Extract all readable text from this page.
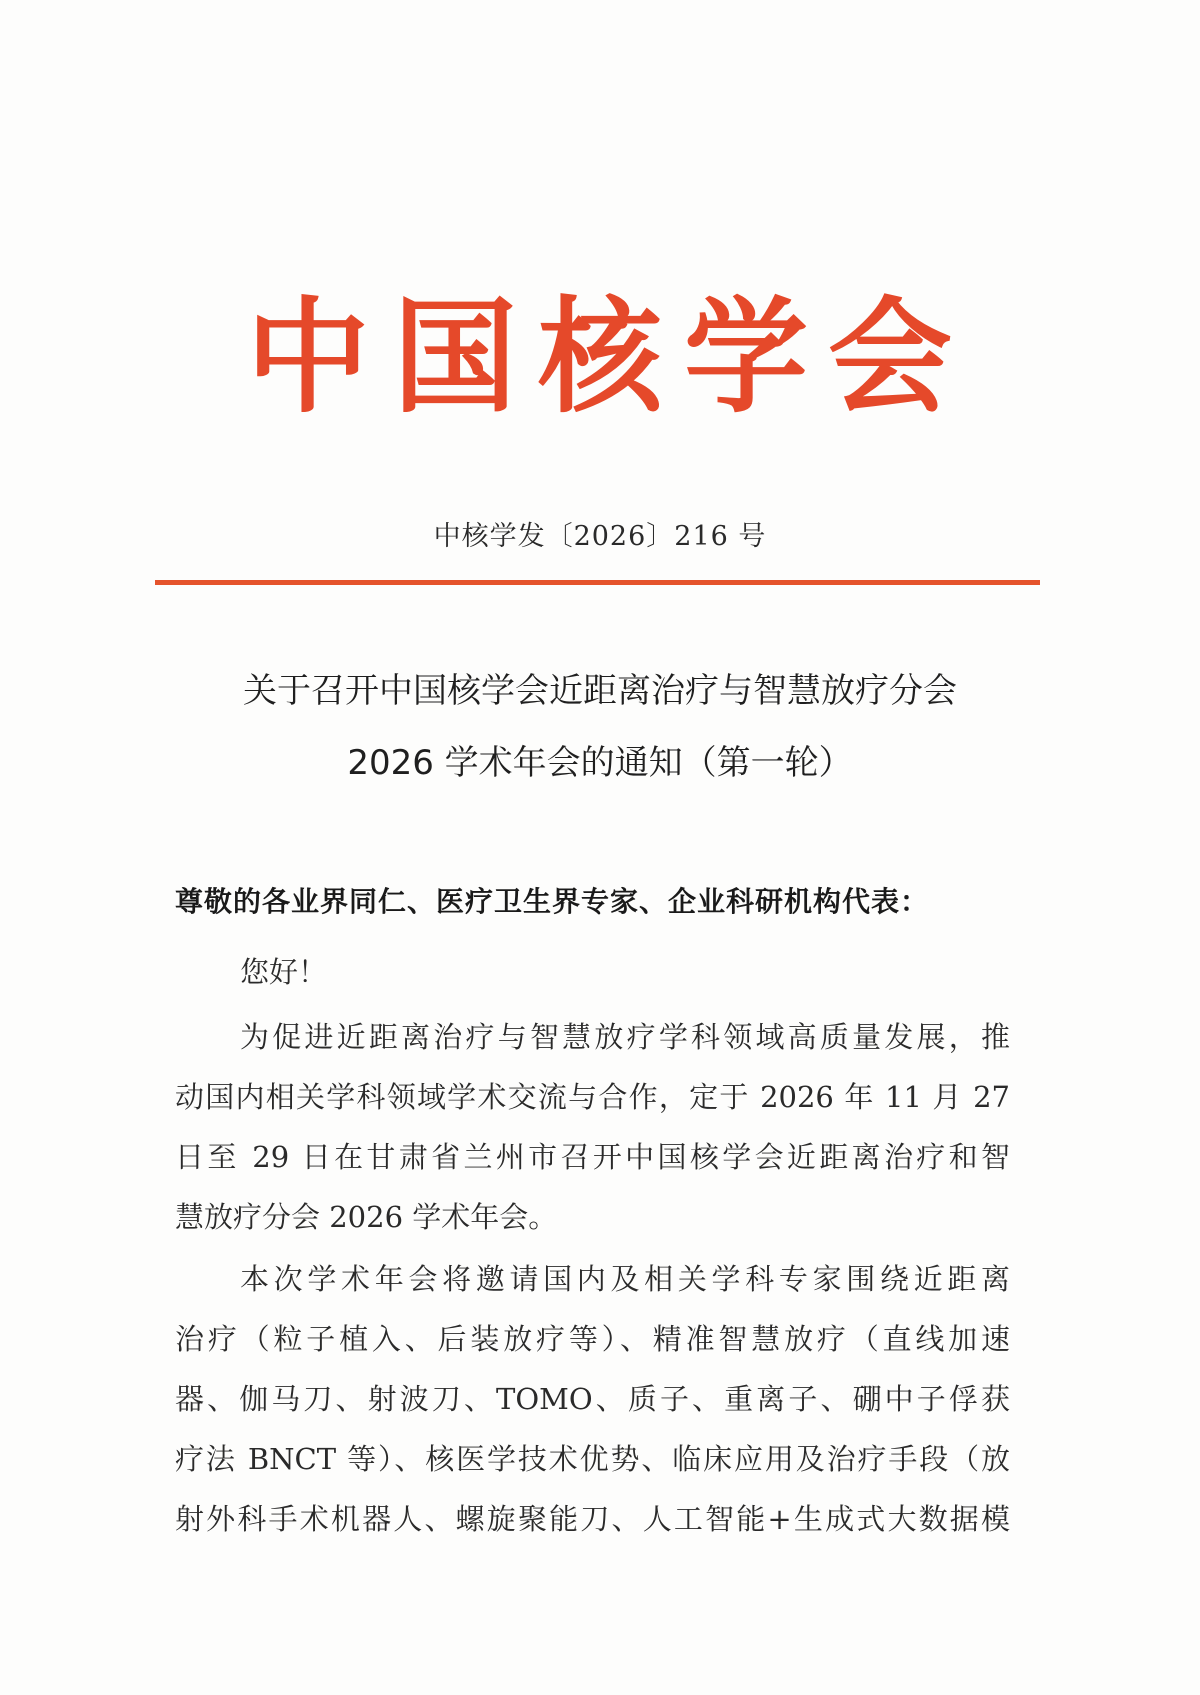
中 国 核 学 会
中核学发〔2026〕216 号
关于召开中国核学会近距离治疗与智慧放疗分会
2026 学术年会的通知（第一轮）
尊敬的各业界同仁、医疗卫生界专家、企业科研机构代表：
您好！
为促进近距离治疗与智慧放疗学科领域高质量发展，推
动国内相关学科领域学术交流与合作，定于 2026 年 11 月 27
日至 29 日在甘肃省兰州市召开中国核学会近距离治疗和智
慧放疗分会 2026 学术年会。
本次学术年会将邀请国内及相关学科专家围绕近距离
治疗（粒子植入、后装放疗等）、精准智慧放疗（直线加速
器、伽马刀、射波刀、TOMO、质子、重离子、硼中子俘获
疗法 BNCT 等）、核医学技术优势、临床应用及治疗手段（放
射外科手术机器人、螺旋聚能刀、人工智能+生成式大数据模
